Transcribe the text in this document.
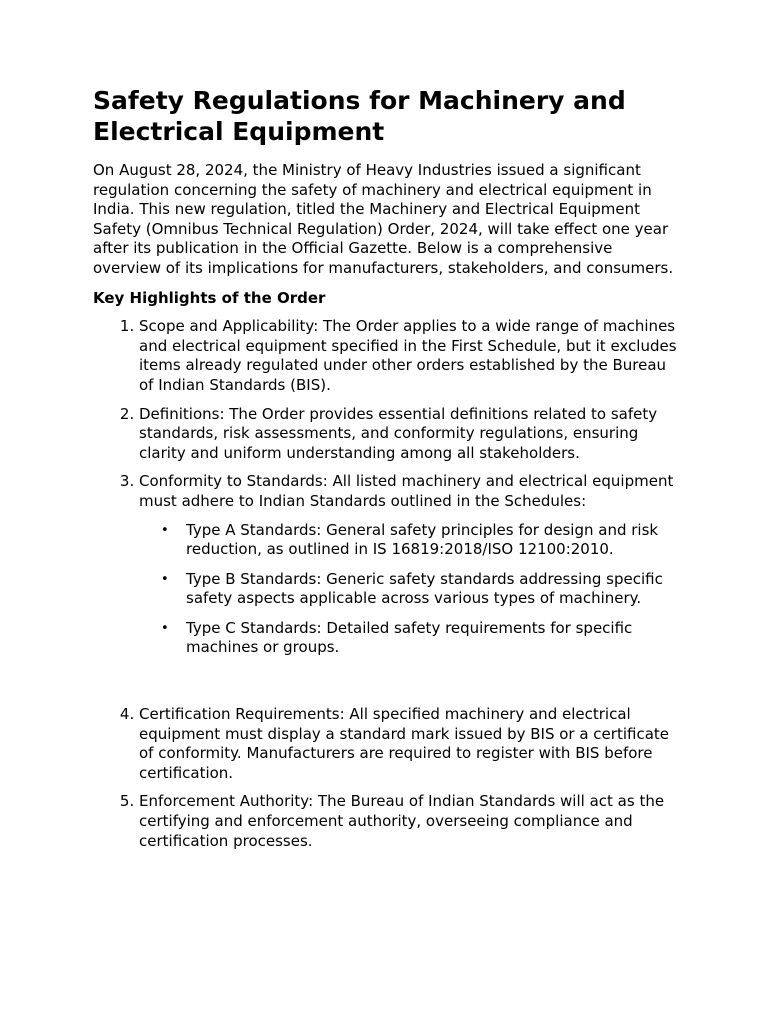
Safety Regulations for Machinery and Electrical Equipment

On August 28, 2024, the Ministry of Heavy Industries issued a significant regulation concerning the safety of machinery and electrical equipment in India. This new regulation, titled the Machinery and Electrical Equipment Safety (Omnibus Technical Regulation) Order, 2024, will take effect one year after its publication in the Official Gazette. Below is a comprehensive overview of its implications for manufacturers, stakeholders, and consumers.

Key Highlights of the Order
1. Scope and Applicability: The Order applies to a wide range of machines and electrical equipment specified in the First Schedule, but it excludes items already regulated under other orders established by the Bureau of Indian Standards (BIS).
2. Definitions: The Order provides essential definitions related to safety standards, risk assessments, and conformity regulations, ensuring clarity and uniform understanding among all stakeholders.
3. Conformity to Standards: All listed machinery and electrical equipment must adhere to Indian Standards outlined in the Schedules:
• Type A Standards: General safety principles for design and risk reduction, as outlined in IS 16819:2018/ISO 12100:2010.
• Type B Standards: Generic safety standards addressing specific safety aspects applicable across various types of machinery.
• Type C Standards: Detailed safety requirements for specific machines or groups.
4. Certification Requirements: All specified machinery and electrical equipment must display a standard mark issued by BIS or a certificate of conformity. Manufacturers are required to register with BIS before certification.
5. Enforcement Authority: The Bureau of Indian Standards will act as the certifying and enforcement authority, overseeing compliance and certification processes.
